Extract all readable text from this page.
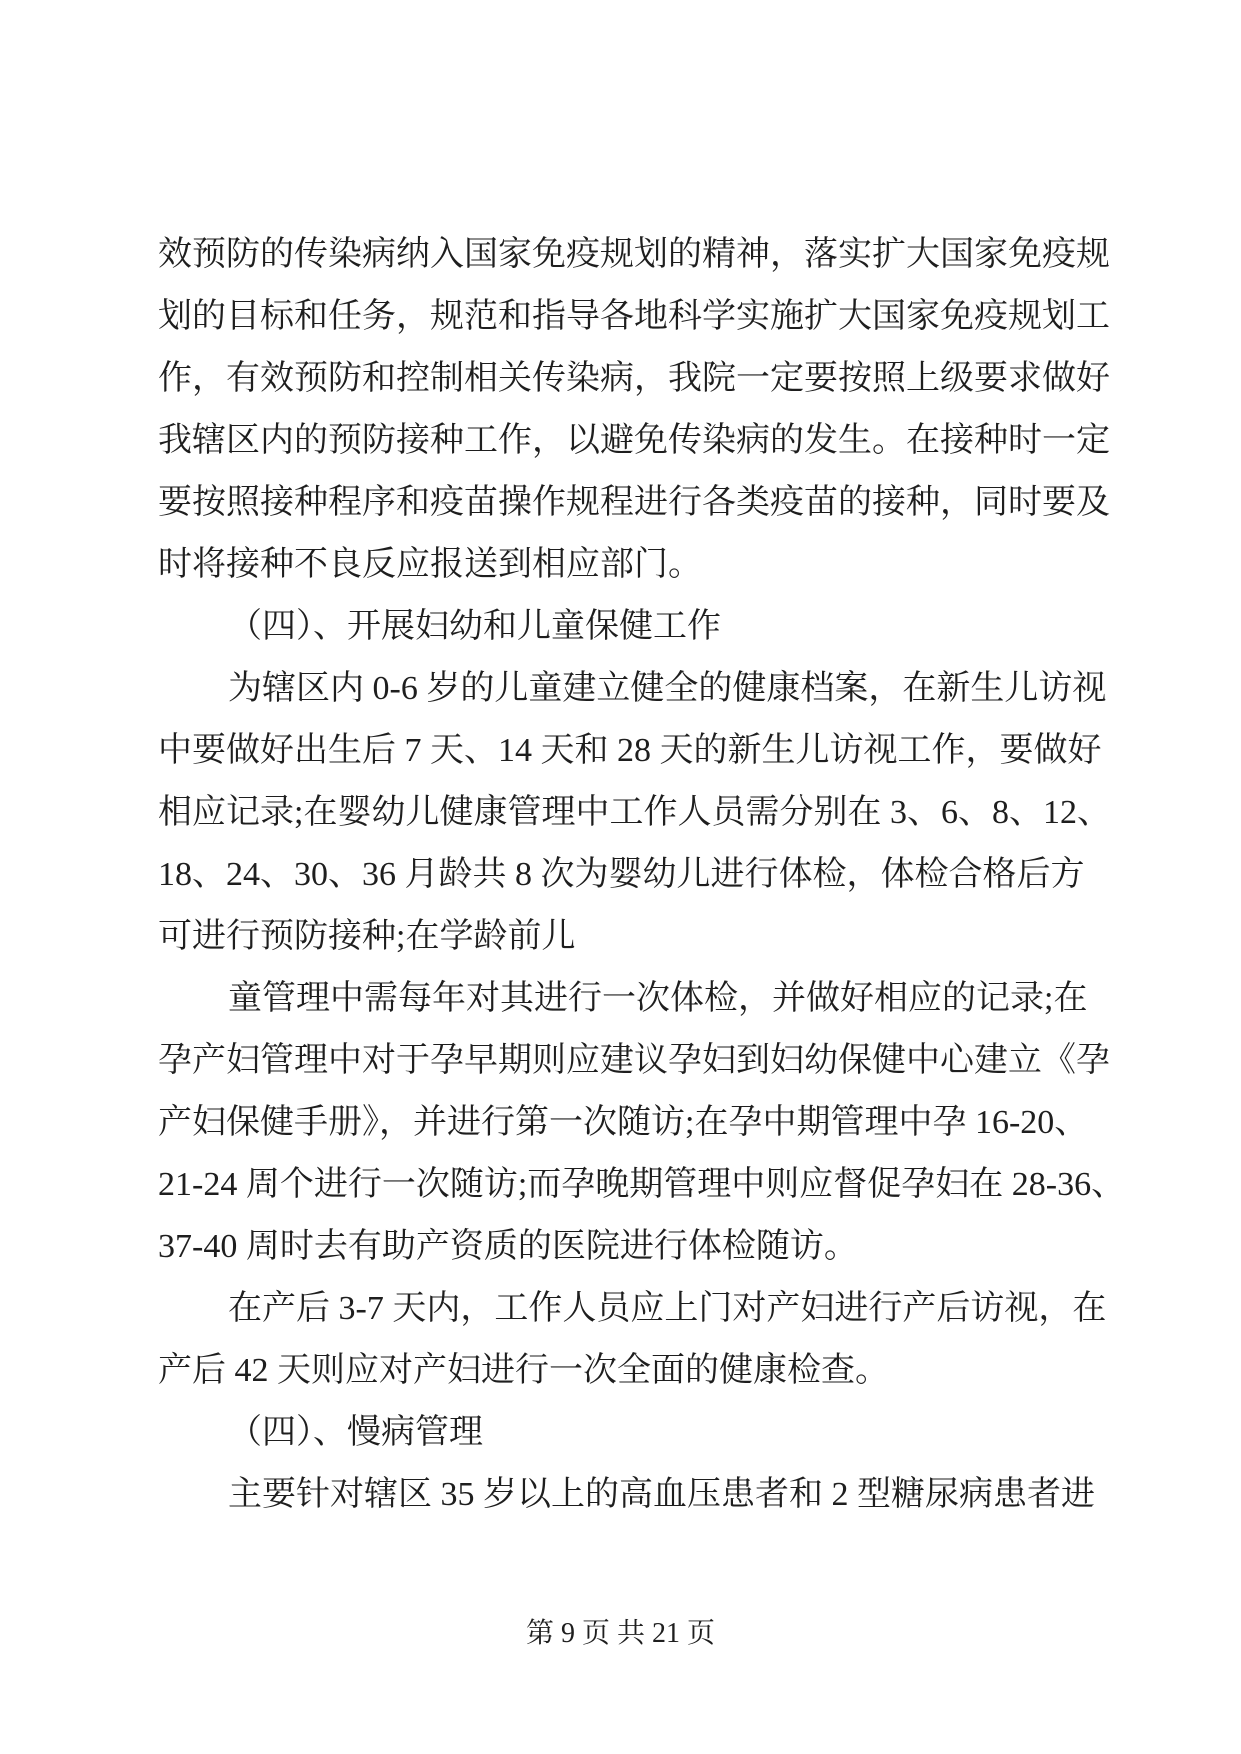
效预防的传染病纳入国家免疫规划的精神，落实扩大国家免疫规
划的目标和任务，规范和指导各地科学实施扩大国家免疫规划工
作，有效预防和控制相关传染病，我院一定要按照上级要求做好
我辖区内的预防接种工作，以避免传染病的发生。在接种时一定
要按照接种程序和疫苗操作规程进行各类疫苗的接种，同时要及
时将接种不良反应报送到相应部门。
（四）、开展妇幼和儿童保健工作
为辖区内 0-6 岁的儿童建立健全的健康档案，在新生儿访视
中要做好出生后 7 天、14 天和 28 天的新生儿访视工作，要做好
相应记录;在婴幼儿健康管理中工作人员需分别在 3、6、8、12、
18、24、30、36 月龄共 8 次为婴幼儿进行体检，体检合格后方
可进行预防接种;在学龄前儿
童管理中需每年对其进行一次体检，并做好相应的记录;在
孕产妇管理中对于孕早期则应建议孕妇到妇幼保健中心建立《孕
产妇保健手册》，并进行第一次随访;在孕中期管理中孕 16-20、
21-24 周个进行一次随访;而孕晚期管理中则应督促孕妇在 28-36、
37-40 周时去有助产资质的医院进行体检随访。
在产后 3-7 天内，工作人员应上门对产妇进行产后访视，在
产后 42 天则应对产妇进行一次全面的健康检查。
（四）、慢病管理
主要针对辖区 35 岁以上的高血压患者和 2 型糖尿病患者进
第 9 页 共 21 页
